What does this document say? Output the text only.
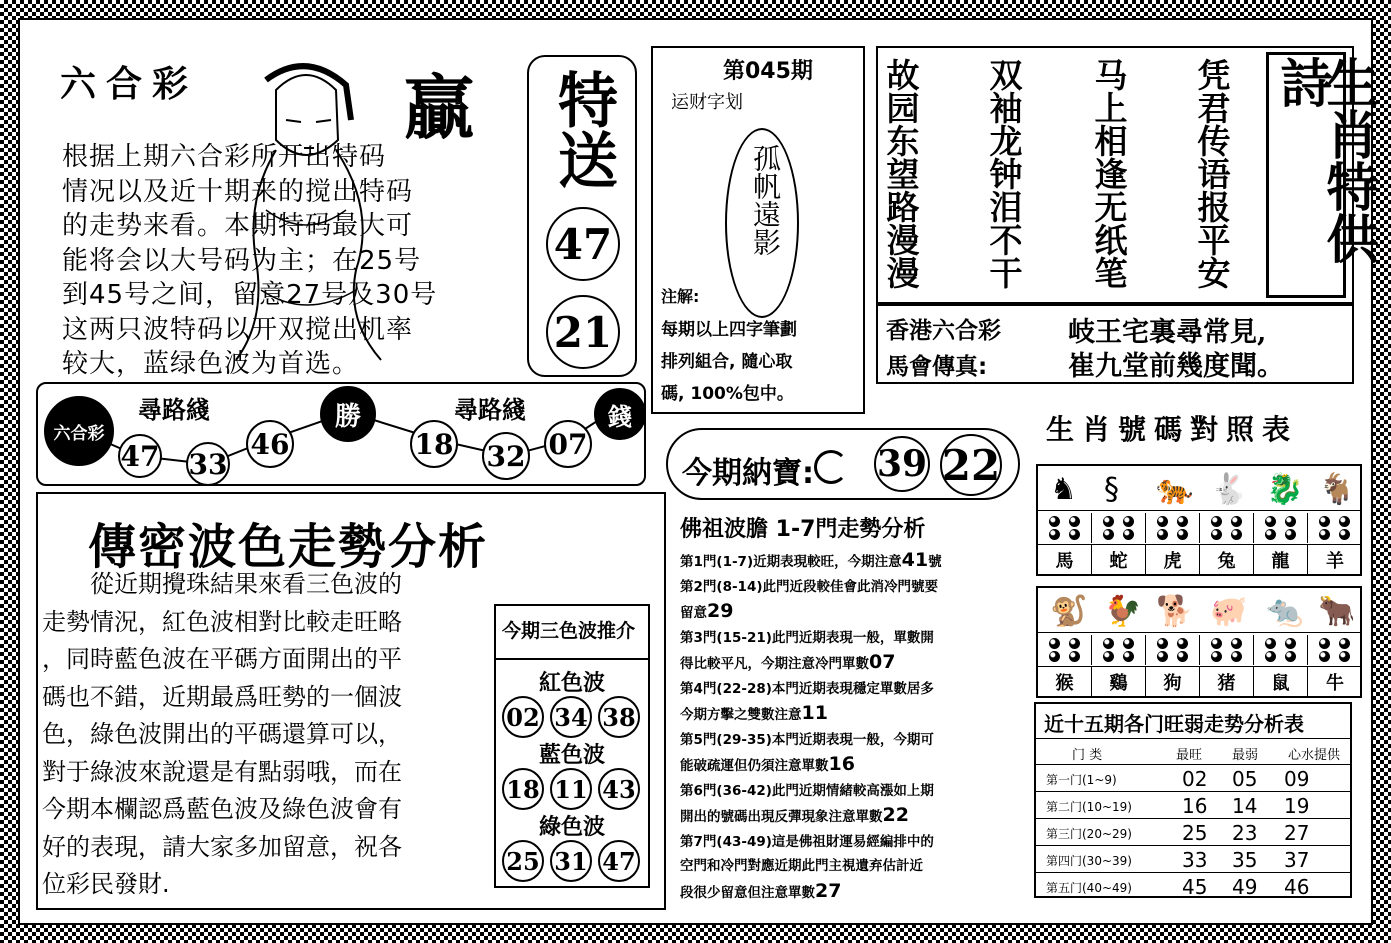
六合彩	贏
根据上期六合彩所开出特码
情况以及近十期来的搅出特码
的走势来看。本期特码最大可
能将会以大号码为主；在25号
到45号之间，留意27号及30号
这两只波特码以开双搅出机率
较大，蓝绿色波为首选。
特送
47
21
第045期
运财字划
孤帆遠影
注解:
每期以上四字筆劃
排列組合, 隨心取
碼, 100%包中。
生肖特供詩
凭君传语报平安
马上相逢无纸笔
双袖龙钟泪不干
故园东望路漫漫
香港六合彩 岐王宅裏尋常見,
馬會傳真:	崔九堂前幾度聞。
尋路綫	尋路綫
六合彩
勝	錢
47 33
46	18 32 07
今期納寶: 39 22
生肖號碼對照表
♞ § 🐅 🐇 🐉 🐐
馬	蛇	虎	兔	龍	羊
🐒 🐓 🐕 🐖 🐀 🐂
猴	鷄	狗	猪	鼠	牛
傳密波色走勢分析
從近期攪珠結果來看三色波的
走勢情況，紅色波相對比較走旺略
，同時藍色波在平碼方面開出的平
碼也不錯，近期最爲旺勢的一個波
色，綠色波開出的平碼還算可以，
對于綠波來說還是有點弱哦，而在
今期本欄認爲藍色波及綠色波會有
好的表現，請大家多加留意，祝各
位彩民發財.
今期三色波推介
紅色波
02 34 38
藍色波
18 11 43
綠色波
25 31 47
佛祖波膽 1-7門走勢分析
第1門(1-7)近期表現較旺，今期注意41號
第2門(8-14)此門近段較佳會此消冷門號要
留意29
第3門(15-21)此門近期表現一般，單數開
得比較平凡，今期注意冷門單數07
第4門(22-28)本門近期表現穩定單數居多
今期方擊之雙數注意11
第5門(29-35)本門近期表現一般，今期可
能破疏運但仍須注意單數16
第6門(36-42)此門近期情緒較高漲如上期
開出的號碼出現反彈現象注意單數22
第7門(43-49)這是佛祖財運易經編排中的
空門和冷門對應近期此門主視遺弃估計近
段很少留意但注意單數27
近十五期各门旺弱走势分析表
门 类	最旺 最弱 心水提供
第一门(1~9)	02 05 09
第二门(10~19)	16 14 19
第三门(20~29)	25 23 27
第四门(30~39)	33 35 37
第五门(40~49)	45 49 46
